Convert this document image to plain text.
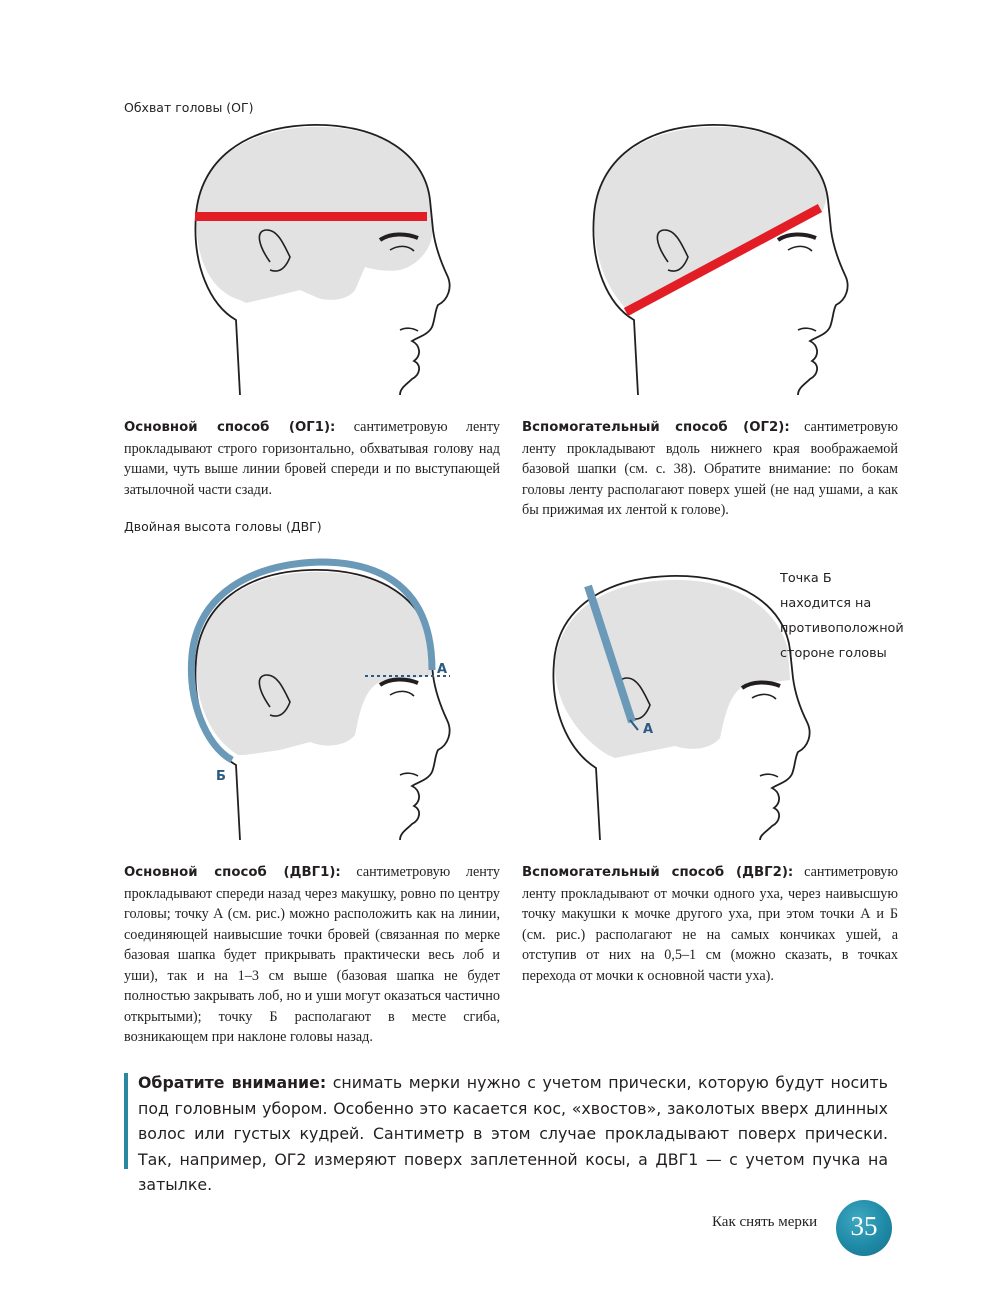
Обхват головы (ОГ)
Основной способ (ОГ1): сантиметровую ленту прокладывают строго горизонтально, обхватывая голову над ушами, чуть выше линии бровей спереди и по выступающей затылочной части сзади.
Вспомогательный способ (ОГ2): сантиметровую ленту прокладывают вдоль нижнего края воображаемой базовой шапки (см. с. 38). Обратите внимание: по бокам головы ленту располагают поверх ушей (не над ушами, а как бы прижимая их лентой к голове).
Двойная высота головы (ДВГ)
А
Б
А
Точка Б
находится на
противоположной
стороне головы
Основной способ (ДВГ1): сантиметровую ленту прокладывают спереди назад через макушку, ровно по центру головы; точку А (см. рис.) можно расположить как на линии, соединяющей наивысшие точки бровей (связанная по мерке базовая шапка будет прикрывать практически весь лоб и уши), так и на 1–3 см выше (базовая шапка не будет полностью закрывать лоб, но и уши могут оказаться частично открытыми); точку Б располагают в месте сгиба, возникающем при наклоне головы назад.
Вспомогательный способ (ДВГ2): сантиметровую ленту прокладывают от мочки одного уха, через наивысшую точку макушки к мочке другого уха, при этом точки А и Б (см. рис.) располагают не на самых кончиках ушей, а отступив от них на 0,5–1 см (можно сказать, в точках перехода от мочки к основной части уха).
Обратите внимание: снимать мерки нужно с учетом прически, которую будут носить под головным убором. Особенно это касается кос, «хвостов», заколотых вверх длинных волос или густых кудрей. Сантиметр в этом случае прокладывают поверх прически. Так, например, ОГ2 измеряют поверх заплетенной косы, а ДВГ1 — с учетом пучка на затылке.
Как снять мерки	35
